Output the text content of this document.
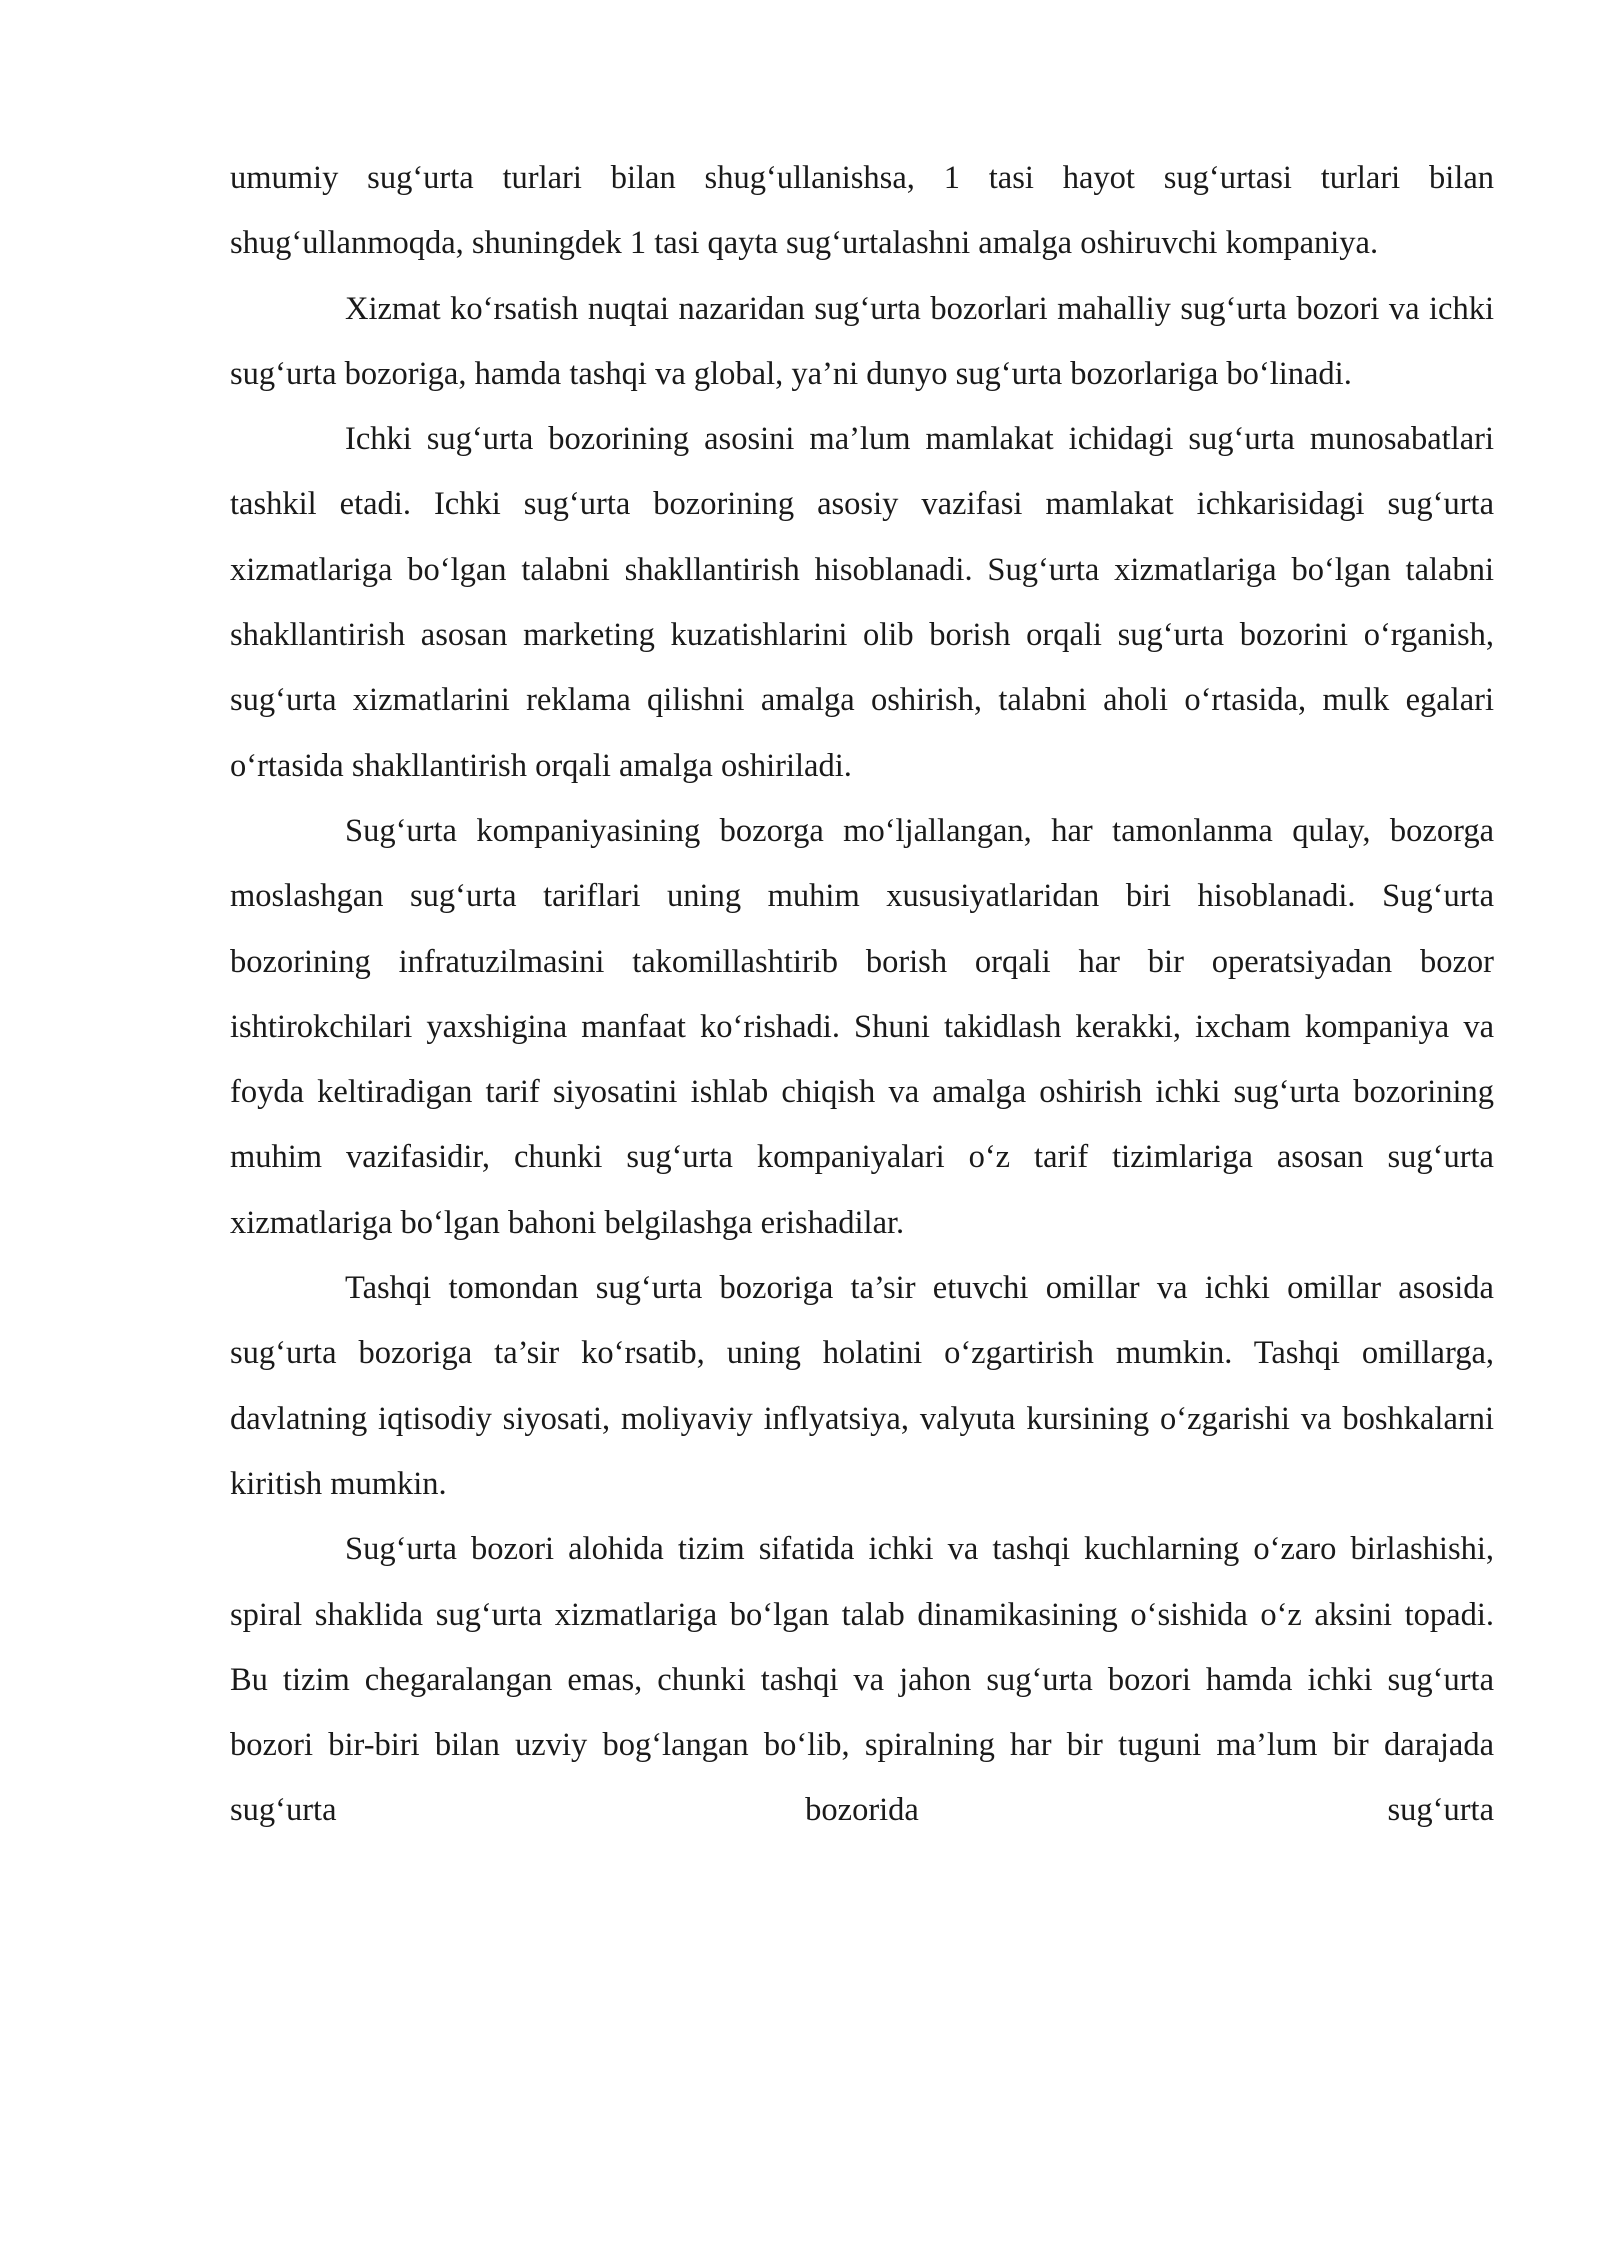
umumiy sug‘urta turlari bilan shug‘ullanishsa, 1 tasi hayot sug‘urtasi turlari bilan shug‘ullanmoqda, shuningdek 1 tasi qayta sug‘urtalashni amalga oshiruvchi kompaniya.

Xizmat ko‘rsatish nuqtai nazaridan sug‘urta bozorlari mahalliy sug‘urta bozori va ichki sug‘urta bozoriga, hamda tashqi va global, ya’ni dunyo sug‘urta bozorlariga bo‘linadi.

Ichki sug‘urta bozorining asosini ma’lum mamlakat ichidagi sug‘urta munosabatlari tashkil etadi. Ichki sug‘urta bozorining asosiy vazifasi mamlakat ichkarisidagi sug‘urta xizmatlariga bo‘lgan talabni shakllantirish hisoblanadi. Sug‘urta xizmatlariga bo‘lgan talabni shakllantirish asosan marketing kuzatishlarini olib borish orqali sug‘urta bozorini o‘rganish, sug‘urta xizmatlarini reklama qilishni amalga oshirish, talabni aholi o‘rtasida, mulk egalari o‘rtasida shakllantirish orqali amalga oshiriladi.

Sug‘urta kompaniyasining bozorga mo‘ljallangan, har tamonlanma qulay, bozorga moslashgan sug‘urta tariflari uning muhim xususiyatlaridan biri hisoblanadi. Sug‘urta bozorining infratuzilmasini takomillashtirib borish orqali har bir operatsiyadan bozor ishtirokchilari yaxshigina manfaat ko‘rishadi. Shuni takidlash kerakki, ixcham kompaniya va foyda keltiradigan tarif siyosatini ishlab chiqish va amalga oshirish ichki sug‘urta bozorining muhim vazifasidir, chunki sug‘urta kompaniyalari o‘z tarif tizimlariga asosan sug‘urta xizmatlariga bo‘lgan bahoni belgilashga erishadilar.

Tashqi tomondan sug‘urta bozoriga ta’sir etuvchi omillar va ichki omillar asosida sug‘urta bozoriga ta’sir ko‘rsatib, uning holatini o‘zgartirish mumkin. Tashqi omillarga, davlatning iqtisodiy siyosati, moliyaviy inflyatsiya, valyuta kursining o‘zgarishi va boshkalarni kiritish mumkin.

Sug‘urta bozori alohida tizim sifatida ichki va tashqi kuchlarning o‘zaro birlashishi, spiral shaklida sug‘urta xizmatlariga bo‘lgan talab dinamikasining o‘sishida o‘z aksini topadi. Bu tizim chegaralangan emas, chunki tashqi va jahon sug‘urta bozori hamda ichki sug‘urta bozori bir-biri bilan uzviy bog‘langan bo‘lib, spiralning har bir tuguni ma’lum bir darajada sug‘urta bozorida sug‘urta
